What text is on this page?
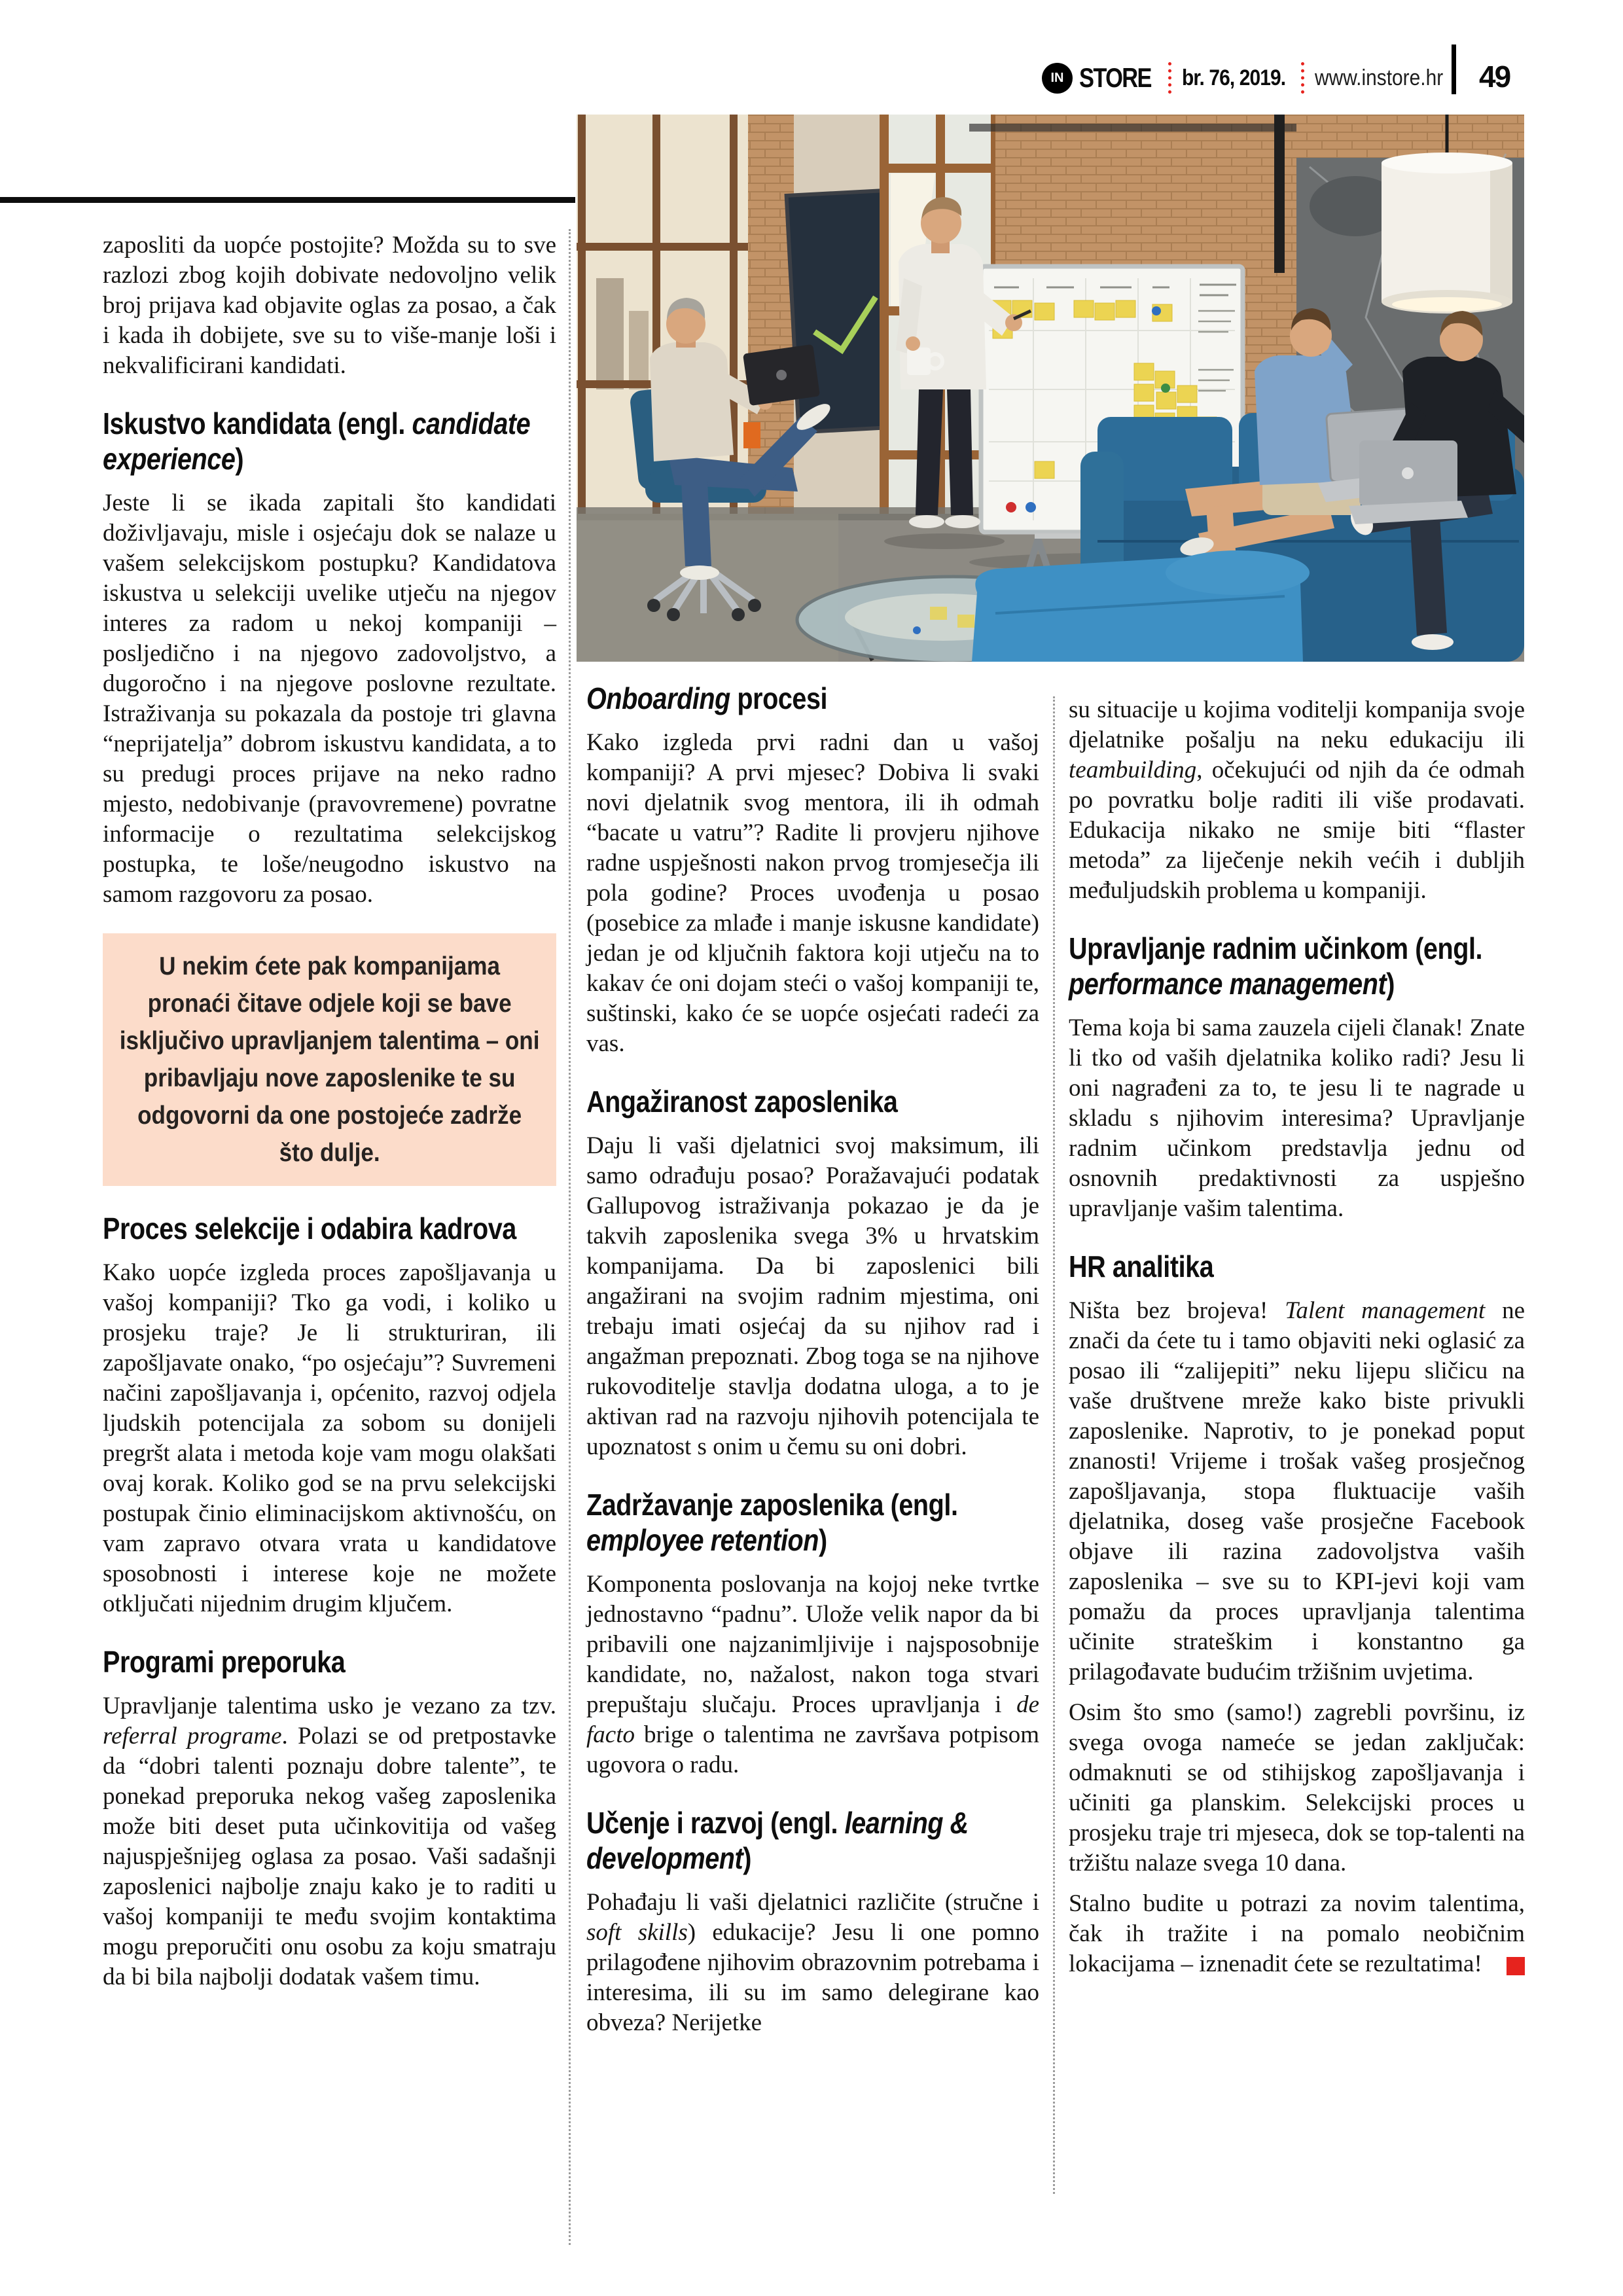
IN STORE br. 76, 2019. www.instore.hr 49

zaposliti da uopće postojite? Možda su to sve razlozi zbog kojih dobivate nedovoljno velik broj prijava kad objavite oglas za posao, a čak i kada ih dobijete, sve su to više-manje loši i nekvalificirani kandidati.

Iskustvo kandidata (engl. candidate experience)

Jeste li se ikada zapitali što kandidati doživljavaju, misle i osjećaju dok se nalaze u vašem selekcijskom postupku? Kandidatova iskustva u selekciji uvelike utječu na njegov interes za radom u nekoj kompaniji – posljedično i na njegovo zadovoljstvo, a dugoročno i na njegove poslovne rezultate. Istraživanja su pokazala da postoje tri glavna “neprijatelja” dobrom iskustvu kandidata, a to su predugi proces prijave na neko radno mjesto, nedobivanje (pravovremene) povratne informacije o rezultatima selekcijskog postupka, te loše/neugodno iskustvo na samom razgovoru za posao.

U nekim ćete pak kompanijama pronaći čitave odjele koji se bave isključivo upravljanjem talentima – oni pribavljaju nove zaposlenike te su odgovorni da one postojeće zadrže što dulje.
Proces selekcije i odabira kadrova

Kako uopće izgleda proces zapošljavanja u vašoj kompaniji? Tko ga vodi, i koliko u prosjeku traje? Je li strukturiran, ili zapošljavate onako, “po osjećaju”? Suvremeni načini zapošljavanja i, općenito, razvoj odjela ljudskih potencijala za sobom su donijeli pregršt alata i metoda koje vam mogu olakšati ovaj korak. Koliko god se na prvu selekcijski postupak činio eliminacijskom aktivnošću, on vam zapravo otvara vrata u kandidatove sposobnosti i interese koje ne možete otključati nijednim drugim ključem.

Programi preporuka

Upravljanje talentima usko je vezano za tzv. referral programe. Polazi se od pretpostavke da “dobri talenti poznaju dobre talente”, te ponekad preporuka nekog vašeg zaposlenika može biti deset puta učinkovitija od vašeg najuspješnijeg oglasa za posao. Vaši sadašnji zaposlenici najbolje znaju kako je to raditi u vašoj kompaniji te među svojim kontaktima mogu preporučiti onu osobu za koju smatraju da bi bila najbolji dodatak vašem timu.

Onboarding procesi

Kako izgleda prvi radni dan u vašoj kompaniji? A prvi mjesec? Dobiva li svaki novi djelatnik svog mentora, ili ih odmah “bacate u vatru”? Radite li provjeru njihove radne uspješnosti nakon prvog tromjesečja ili pola godine? Proces uvođenja u posao (posebice za mlađe i manje iskusne kandidate) jedan je od ključnih faktora koji utječu na to kakav će oni dojam steći o vašoj kompaniji te, suštinski, kako će se uopće osjećati radeći za vas.

Angažiranost zaposlenika

Daju li vaši djelatnici svoj maksimum, ili samo odrađuju posao? Poražavajući podatak Gallupovog istraživanja pokazao je da je takvih zaposlenika svega 3% u hrvatskim kompanijama. Da bi zaposlenici bili angažirani na svojim radnim mjestima, oni trebaju imati osjećaj da su njihov rad i angažman prepoznati. Zbog toga se na njihove rukovoditelje stavlja dodatna uloga, a to je aktivan rad na razvoju njihovih potencijala te upoznatost s onim u čemu su oni dobri.

Zadržavanje zaposlenika (engl. employee retention)

Komponenta poslovanja na kojoj neke tvrtke jednostavno “padnu”. Ulože velik napor da bi pribavili one najzanimljivije i najsposobnije kandidate, no, nažalost, nakon toga stvari prepuštaju slučaju. Proces upravljanja i de facto brige o talentima ne završava potpisom ugovora o radu.

Učenje i razvoj (engl. learning & development)

Pohađaju li vaši djelatnici različite (stručne i soft skills) edukacije? Jesu li one pomno prilagođene njihovim obrazovnim potrebama i interesima, ili su im samo delegirane kao obveza? Nerijetke

su situacije u kojima voditelji kompanija svoje djelatnike pošalju na neku edukaciju ili teambuilding, očekujući od njih da će odmah po povratku bolje raditi ili više prodavati. Edukacija nikako ne smije biti “flaster metoda” za liječenje nekih većih i dubljih međuljudskih problema u kompaniji.

Upravljanje radnim učinkom (engl. performance management)

Tema koja bi sama zauzela cijeli članak! Znate li tko od vaših djelatnika koliko radi? Jesu li oni nagrađeni za to, te jesu li te nagrade u skladu s njihovim interesima? Upravljanje radnim učinkom predstavlja jednu od osnovnih predaktivnosti za uspješno upravljanje vašim talentima.

HR analitika

Ništa bez brojeva! Talent management ne znači da ćete tu i tamo objaviti neki oglasić za posao ili “zalijepiti” neku lijepu sličicu na vaše društvene mreže kako biste privukli zaposlenike. Naprotiv, to je ponekad poput znanosti! Vrijeme i trošak vašeg prosječnog zapošljavanja, stopa fluktuacije vaših djelatnika, doseg vaše prosječne Facebook objave ili razina zadovoljstva vaših zaposlenika – sve su to KPI-jevi koji vam pomažu da proces upravljanja talentima učinite strateškim i konstantno ga prilagođavate budućim tržišnim uvjetima.

Osim što smo (samo!) zagrebli površinu, iz svega ovoga nameće se jedan zaključak: odmaknuti se od stihijskog zapošljavanja i učiniti ga planskim. Selekcijski proces u prosjeku traje tri mjeseca, dok se top-talenti na tržištu nalaze svega 10 dana.

Stalno budite u potrazi za novim talentima, čak ih tražite i na pomalo neobičnim lokacijama – iznenadit ćete se rezultatima!
